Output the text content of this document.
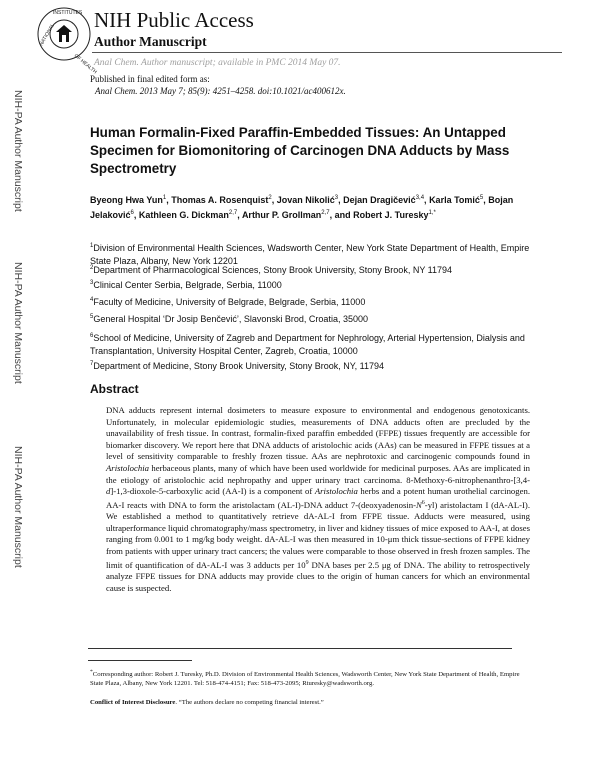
NATIONAL
INSTITUTES
OF HEALTH
NIH Public Access
Author Manuscript
Anal Chem. Author manuscript; available in PMC 2014 May 07.
Published in final edited form as:
Anal Chem. 2013 May 7; 85(9): 4251–4258. doi:10.1021/ac400612x.
NIH-PA Author Manuscript
NIH-PA Author Manuscript
NIH-PA Author Manuscript
Human Formalin-Fixed Paraffin-Embedded Tissues: An Untapped Specimen for Biomonitoring of Carcinogen DNA Adducts by Mass Spectrometry
Byeong Hwa Yun$^1$, Thomas A. Rosenquist$^2$, Jovan Nikolić$^3$, Dejan Dragičević$^{3,4}$, Karla Tomić$^5$, Bojan Jelaković$^6$, Kathleen G. Dickman$^{2,7}$, Arthur P. Grollman$^{2,7}$, and Robert J. Turesky$^{1,*}$
$^1$Division of Environmental Health Sciences, Wadsworth Center, New York State Department of Health, Empire State Plaza, Albany, New York 12201
$^2$Department of Pharmacological Sciences, Stony Brook University, Stony Brook, NY 11794
$^3$Clinical Center Serbia, Belgrade, Serbia, 11000
$^4$Faculty of Medicine, University of Belgrade, Belgrade, Serbia, 11000
$^5$General Hospital ‘Dr Josip Benčević’, Slavonski Brod, Croatia, 35000
$^6$School of Medicine, University of Zagreb and Department for Nephrology, Arterial Hypertension, Dialysis and Transplantation, University Hospital Center, Zagreb, Croatia, 10000
$^7$Department of Medicine, Stony Brook University, Stony Brook, NY, 11794
Abstract
DNA adducts represent internal dosimeters to measure exposure to environmental and endogenous genotoxicants. Unfortunately, in molecular epidemiologic studies, measurements of DNA adducts often are precluded by the unavailability of fresh tissue. In contrast, formalin-fixed paraffin embedded (FFPE) tissues frequently are accessible for biomarker discovery. We report here that DNA adducts of aristolochic acids (AAs) can be measured in FFPE tissues at a level of sensitivity comparable to freshly frozen tissue. AAs are nephrotoxic and carcinogenic compounds found in Aristolochia herbaceous plants, many of which have been used worldwide for medicinal purposes. AAs are implicated in the etiology of aristolochic acid nephropathy and upper urinary tract carcinoma. 8-Methoxy-6-nitrophenanthro-[3,4-d]-1,3-dioxole-5-carboxylic acid (AA-I) is a component of Aristolochia herbs and a potent human urothelial carcinogen. AA-I reacts with DNA to form the aristolactam (AL-I)-DNA adduct $7-(deoxyadenosin-N^6-yl)$ aristolactam I (dA-AL-I). We established a method to quantitatively retrieve dA-AL-I from FFPE tissue. Adducts were measured, using ultraperformance liquid chromatography/mass spectrometry, in liver and kidney tissues of mice exposed to AA-I, at doses ranging from 0.001 to 1 mg/kg body weight. dA-AL-I was then measured in 10-μm thick tissue-sections of FFPE kidney from patients with upper urinary tract cancers; the values were comparable to those observed in fresh frozen samples. The limit of quantification of dA-AL-I was 3 adducts per $10^9$ DNA bases per 2.5 μg of DNA. The ability to retrospectively analyze FFPE tissues for DNA adducts may provide clues to the origin of human cancers for which an environmental cause is suspected.
*Corresponding author: Robert J. Turesky, Ph.D. Division of Environmental Health Sciences, Wadsworth Center, New York State Department of Health, Empire State Plaza, Albany, New York 12201. Tel: 518-474-4151; Fax: 518-473-2095; Rturesky@wadsworth.org.
Conflict of Interest Disclosure. “The authors declare no competing financial interest.”
